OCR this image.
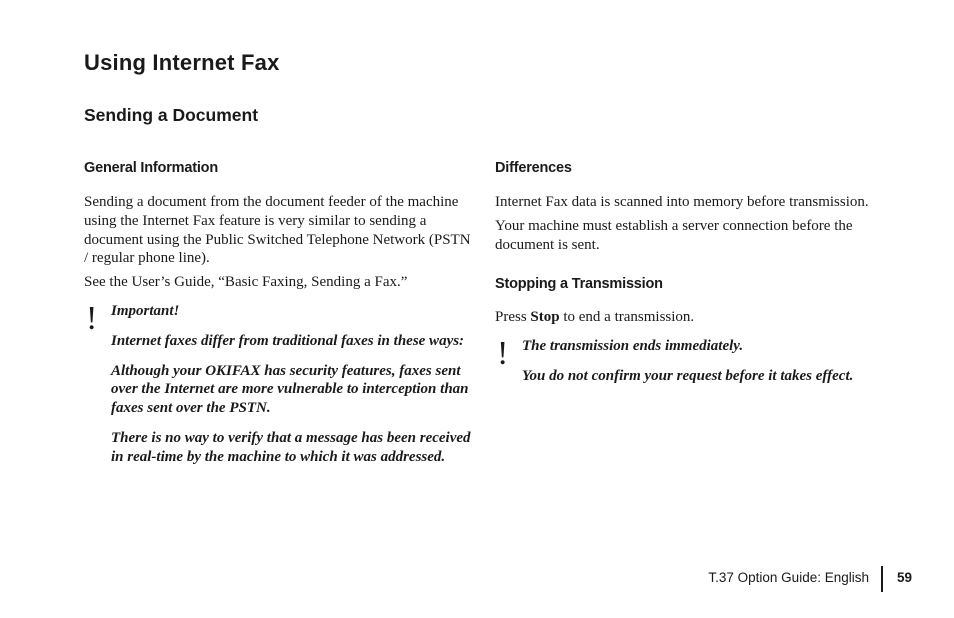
Using Internet Fax
Sending a Document
General Information

Sending a document from the document feeder of the machine using the Internet Fax feature is very similar to sending a document using the Public Switched Telephone Network (PSTN / regular phone line).

See the User’s Guide, “Basic Faxing, Sending a Fax.”

! Important!

Internet faxes differ from traditional faxes in these ways:

Although your OKIFAX has security features, faxes sent over the Internet are more vulnerable to interception than faxes sent over the PSTN.

There is no way to verify that a message has been received in real-time by the machine to which it was addressed.

Differences

Internet Fax data is scanned into memory before transmission.

Your machine must establish a server connection before the document is sent.

Stopping a Transmission

Press Stop to end a transmission.

! The transmission ends immediately.

You do not confirm your request before it takes effect.

T.37 Option Guide: English 59
